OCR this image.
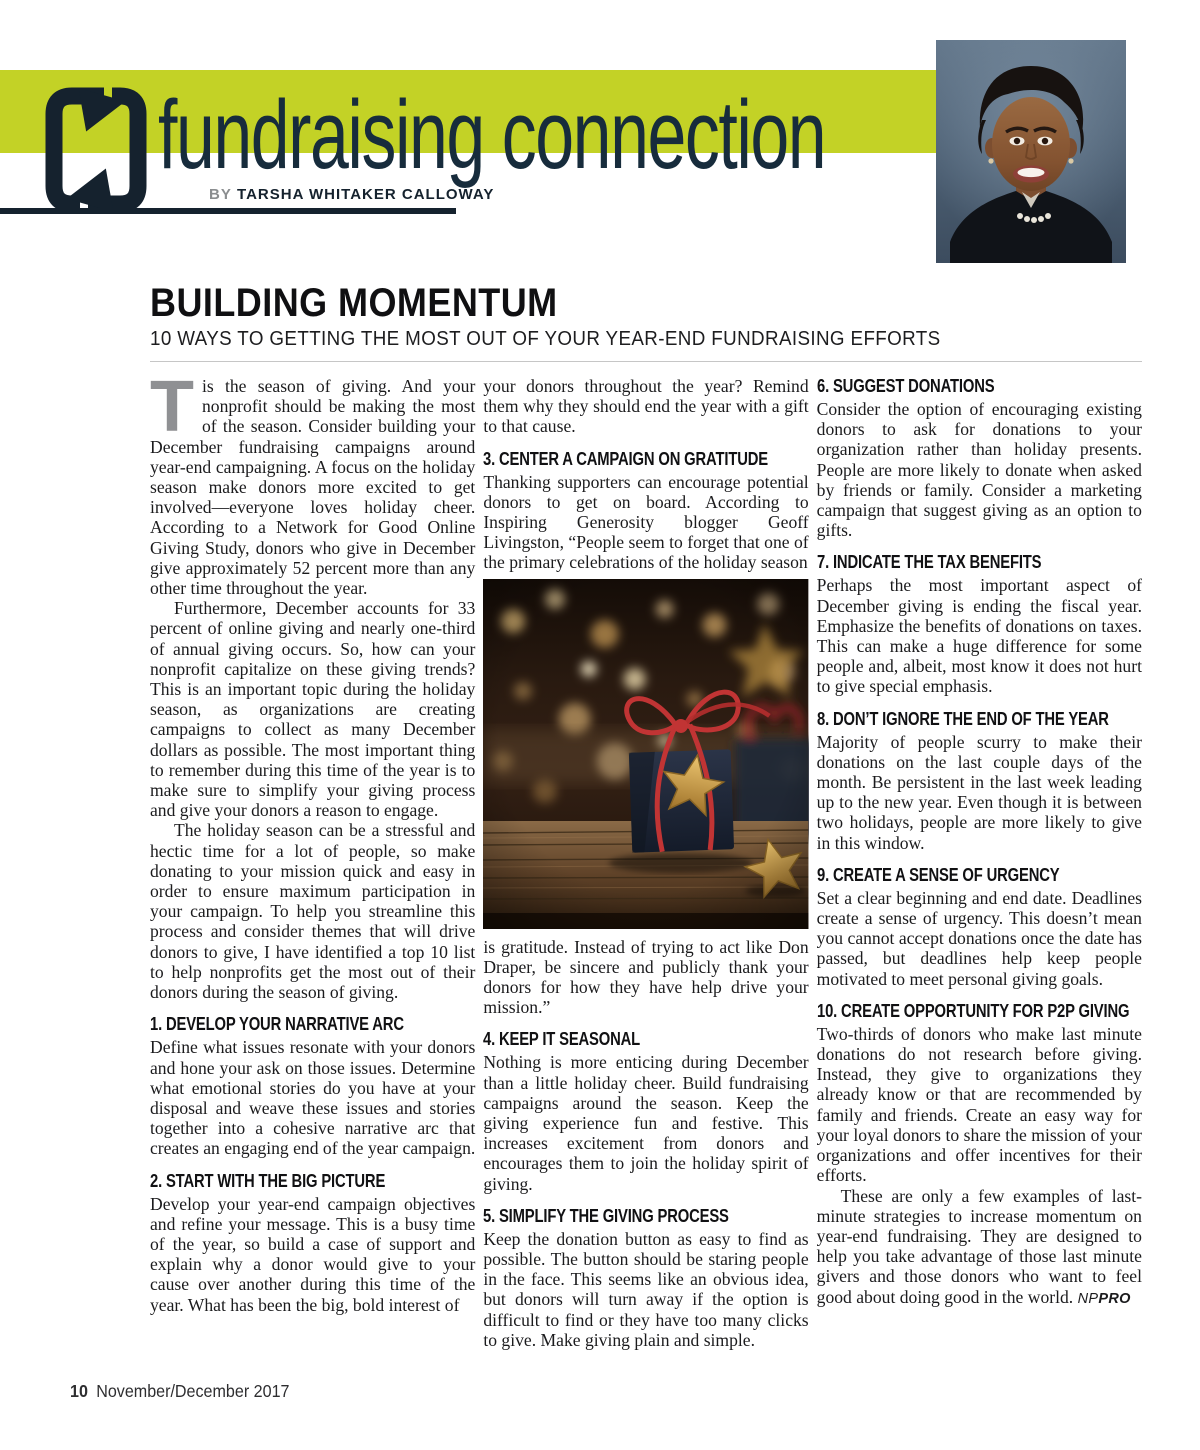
fundraising connection
BY TARSHA WHITAKER CALLOWAY
BUILDING MOMENTUM
10 WAYS TO GETTING THE MOST OUT OF YOUR YEAR-END FUNDRAISING EFFORTS

Tis the season of giving. And your nonprofit should be making the most of the season. Consider building your December fundraising campaigns around year-end campaigning. A focus on the holiday season make donors more excited to get involved—everyone loves holiday cheer. According to a Network for Good Online Giving Study, donors who give in December give approximately 52 percent more than any other time throughout the year.

Furthermore, December accounts for 33 percent of online giving and nearly one-third of annual giving occurs. So, how can your nonprofit capitalize on these giving trends? This is an important topic during the holiday season, as organizations are creating campaigns to collect as many December dollars as possible. The most important thing to remember during this time of the year is to make sure to simplify your giving process and give your donors a reason to engage.

The holiday season can be a stressful and hectic time for a lot of people, so make donating to your mission quick and easy in order to ensure maximum participation in your campaign. To help you streamline this process and consider themes that will drive donors to give, I have identified a top 10 list to help nonprofits get the most out of their donors during the season of giving.

1. DEVELOP YOUR NARRATIVE ARC

Define what issues resonate with your donors and hone your ask on those issues. Determine what emotional stories do you have at your disposal and weave these issues and stories together into a cohesive narrative arc that creates an engaging end of the year campaign.

2. START WITH THE BIG PICTURE

Develop your year-end campaign objectives and refine your message. This is a busy time of the year, so build a case of support and explain why a donor would give to your cause over another during this time of the year. What has been the big, bold interest of

your donors throughout the year? Remind them why they should end the year with a gift to that cause.

3. CENTER A CAMPAIGN ON GRATITUDE

Thanking supporters can encourage potential donors to get on board. According to Inspiring Generosity blogger Geoff Livingston, “People seem to forget that one of the primary celebrations of the holiday season

is gratitude. Instead of trying to act like Don Draper, be sincere and publicly thank your donors for how they have help drive your mission.”

4. KEEP IT SEASONAL

Nothing is more enticing during December than a little holiday cheer. Build fundraising campaigns around the season. Keep the giving experience fun and festive. This increases excitement from donors and encourages them to join the holiday spirit of giving.

5. SIMPLIFY THE GIVING PROCESS

Keep the donation button as easy to find as possible. The button should be staring people in the face. This seems like an obvious idea, but donors will turn away if the option is difficult to find or they have too many clicks to give. Make giving plain and simple.

6. SUGGEST DONATIONS

Consider the option of encouraging existing donors to ask for donations to your organization rather than holiday presents. People are more likely to donate when asked by friends or family. Consider a marketing campaign that suggest giving as an option to gifts.

7. INDICATE THE TAX BENEFITS

Perhaps the most important aspect of December giving is ending the fiscal year. Emphasize the benefits of donations on taxes. This can make a huge difference for some people and, albeit, most know it does not hurt to give special emphasis.

8. DON’T IGNORE THE END OF THE YEAR

Majority of people scurry to make their donations on the last couple days of the month. Be persistent in the last week leading up to the new year. Even though it is between two holidays, people are more likely to give in this window.

9. CREATE A SENSE OF URGENCY

Set a clear beginning and end date. Deadlines create a sense of urgency. This doesn’t mean you cannot accept donations once the date has passed, but deadlines help keep people motivated to meet personal giving goals.

10. CREATE OPPORTUNITY FOR P2P GIVING

Two-thirds of donors who make last minute donations do not research before giving. Instead, they give to organizations they already know or that are recommended by family and friends. Create an easy way for your loyal donors to share the mission of your organizations and offer incentives for their efforts.

These are only a few examples of last-minute strategies to increase momentum on year-end fundraising. They are designed to help you take advantage of those last minute givers and those donors who want to feel good about doing good in the world. NPPRO

10 November/December 2017
